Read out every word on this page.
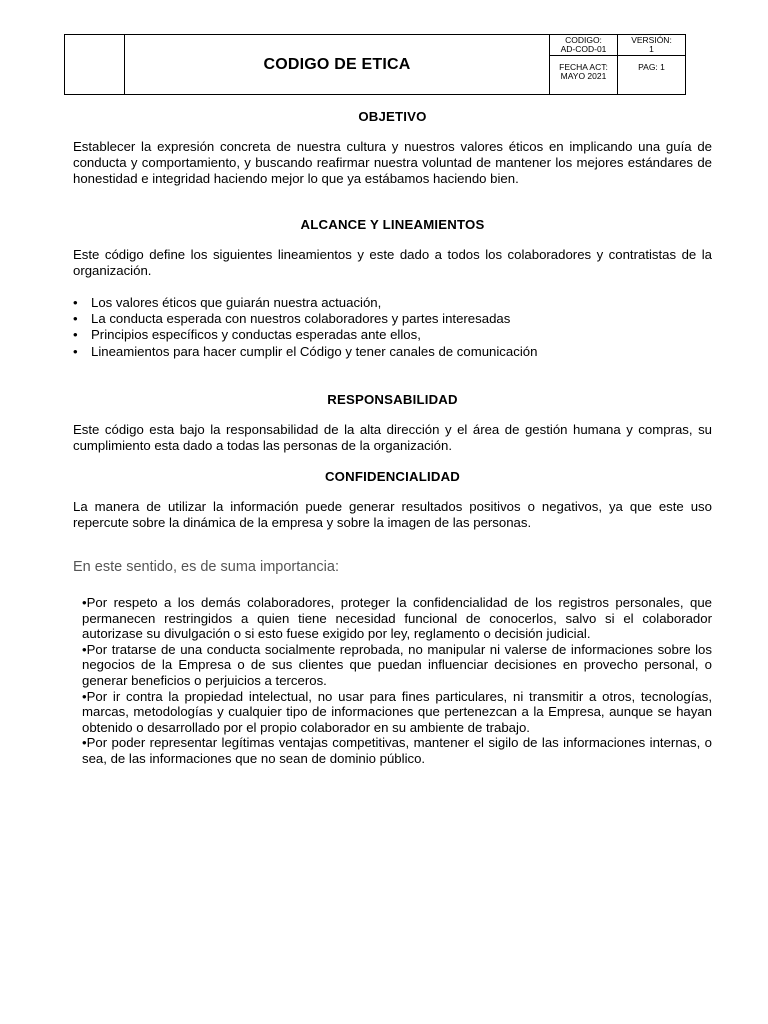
CODIGO DE ETICA
CODIGO:
AD-COD-01
VERSIÓN:
1
FECHA ACT:
MAYO 2021
PAG: 1
OBJETIVO

Establecer la expresión concreta de nuestra cultura y nuestros valores éticos en implicando una guía de conducta y comportamiento, y buscando reafirmar nuestra voluntad de mantener los mejores estándares de honestidad e integridad haciendo mejor lo que ya estábamos haciendo bien.

ALCANCE Y LINEAMIENTOS

Este código define los siguientes lineamientos y este dado a todos los colaboradores y contratistas de la organización.

• Los valores éticos que guiarán nuestra actuación,
• La conducta esperada con nuestros colaboradores y partes interesadas
• Principios específicos y conductas esperadas ante ellos,
• Lineamientos para hacer cumplir el Código y tener canales de comunicación
RESPONSABILIDAD

Este código esta bajo la responsabilidad de la alta dirección y el área de gestión humana y compras, su cumplimiento esta dado a todas las personas de la organización.

CONFIDENCIALIDAD

La manera de utilizar la información puede generar resultados positivos o negativos, ya que este uso repercute sobre la dinámica de la empresa y sobre la imagen de las personas.

En este sentido, es de suma importancia:

•Por respeto a los demás colaboradores, proteger la confidencialidad de los registros personales, que permanecen restringidos a quien tiene necesidad funcional de conocerlos, salvo si el colaborador autorizase su divulgación o si esto fuese exigido por ley, reglamento o decisión judicial.
•Por tratarse de una conducta socialmente reprobada, no manipular ni valerse de informaciones sobre los negocios de la Empresa o de sus clientes que puedan influenciar decisiones en provecho personal, o generar beneficios o perjuicios a terceros.
•Por ir contra la propiedad intelectual, no usar para fines particulares, ni transmitir a otros, tecnologías, marcas, metodologías y cualquier tipo de informaciones que pertenezcan a la Empresa, aunque se hayan obtenido o desarrollado por el propio colaborador en su ambiente de trabajo.
•Por poder representar legítimas ventajas competitivas, mantener el sigilo de las informaciones internas, o sea, de las informaciones que no sean de dominio público.
